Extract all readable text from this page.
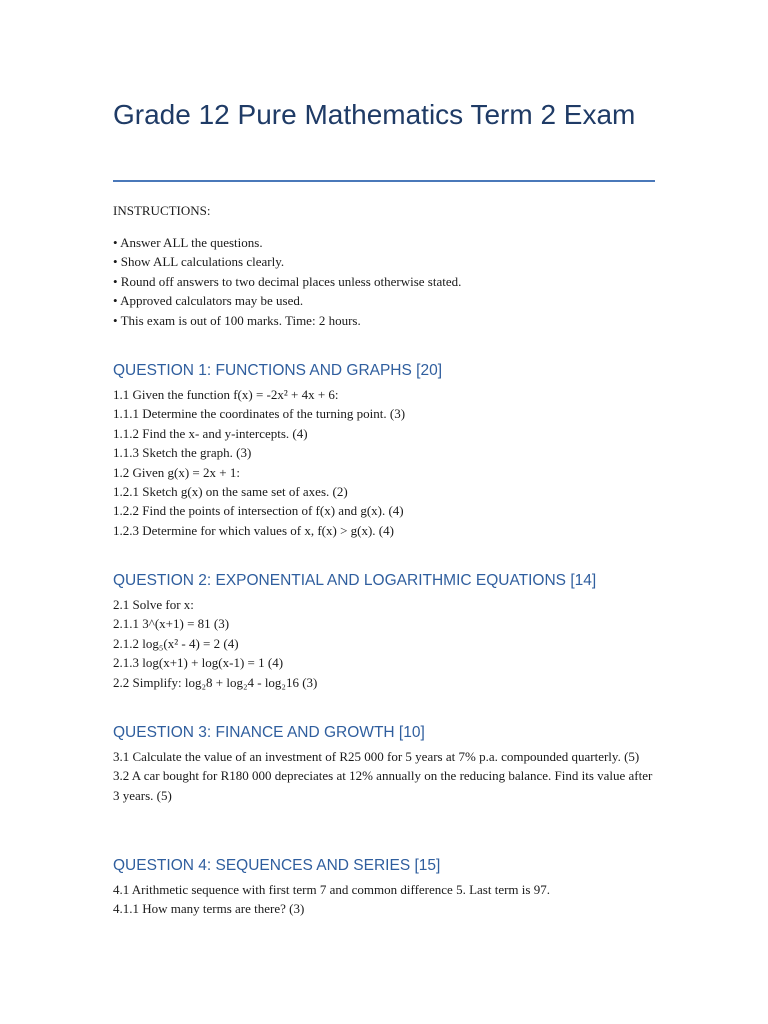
Grade 12 Pure Mathematics Term 2 Exam
INSTRUCTIONS:
• Answer ALL the questions.
• Show ALL calculations clearly.
• Round off answers to two decimal places unless otherwise stated.
• Approved calculators may be used.
• This exam is out of 100 marks. Time: 2 hours.
QUESTION 1: FUNCTIONS AND GRAPHS [20]

1.1 Given the function f(x) = -2x² + 4x + 6:

1.1.1 Determine the coordinates of the turning point. (3)

1.1.2 Find the x- and y-intercepts. (4)

1.1.3 Sketch the graph. (3)

1.2 Given g(x) = 2x + 1:

1.2.1 Sketch g(x) on the same set of axes. (2)

1.2.2 Find the points of intersection of f(x) and g(x). (4)

1.2.3 Determine for which values of x, f(x) > g(x). (4)

QUESTION 2: EXPONENTIAL AND LOGARITHMIC EQUATIONS [14]

2.1 Solve for x:

2.1.1 3^(x+1) = 81 (3)

2.1.2 log₅(x² - 4) = 2 (4)

2.1.3 log(x+1) + log(x-1) = 1 (4)

2.2 Simplify: log₂8 + log₂4 - log₂16 (3)

QUESTION 3: FINANCE AND GROWTH [10]

3.1 Calculate the value of an investment of R25 000 for 5 years at 7% p.a. compounded quarterly. (5)

3.2 A car bought for R180 000 depreciates at 12% annually on the reducing balance. Find its value after 3 years. (5)

QUESTION 4: SEQUENCES AND SERIES [15]

4.1 Arithmetic sequence with first term 7 and common difference 5. Last term is 97.

4.1.1 How many terms are there? (3)
